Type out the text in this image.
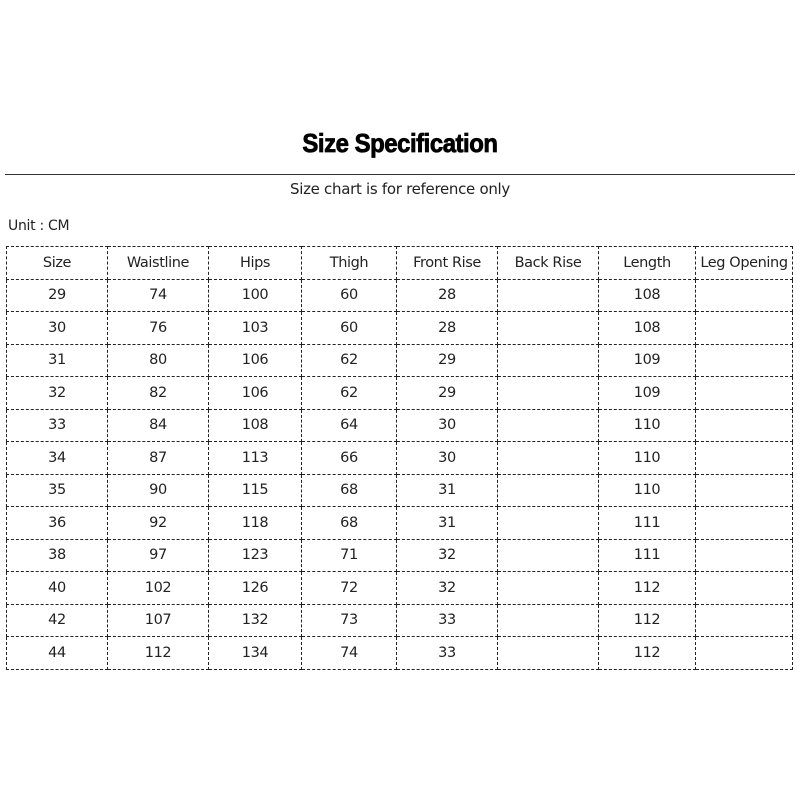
Size Specification
Size chart is for reference only
Unit : CM
Size	Waistline	Hips	Thigh	Front Rise	Back Rise	Length	Leg Opening
29	74	100	60	28		108	
30	76	103	60	28		108	
31	80	106	62	29		109	
32	82	106	62	29		109	
33	84	108	64	30		110	
34	87	113	66	30		110	
35	90	115	68	31		110	
36	92	118	68	31		111	
38	97	123	71	32		111	
40	102	126	72	32		112	
42	107	132	73	33		112	
44	112	134	74	33		112	
